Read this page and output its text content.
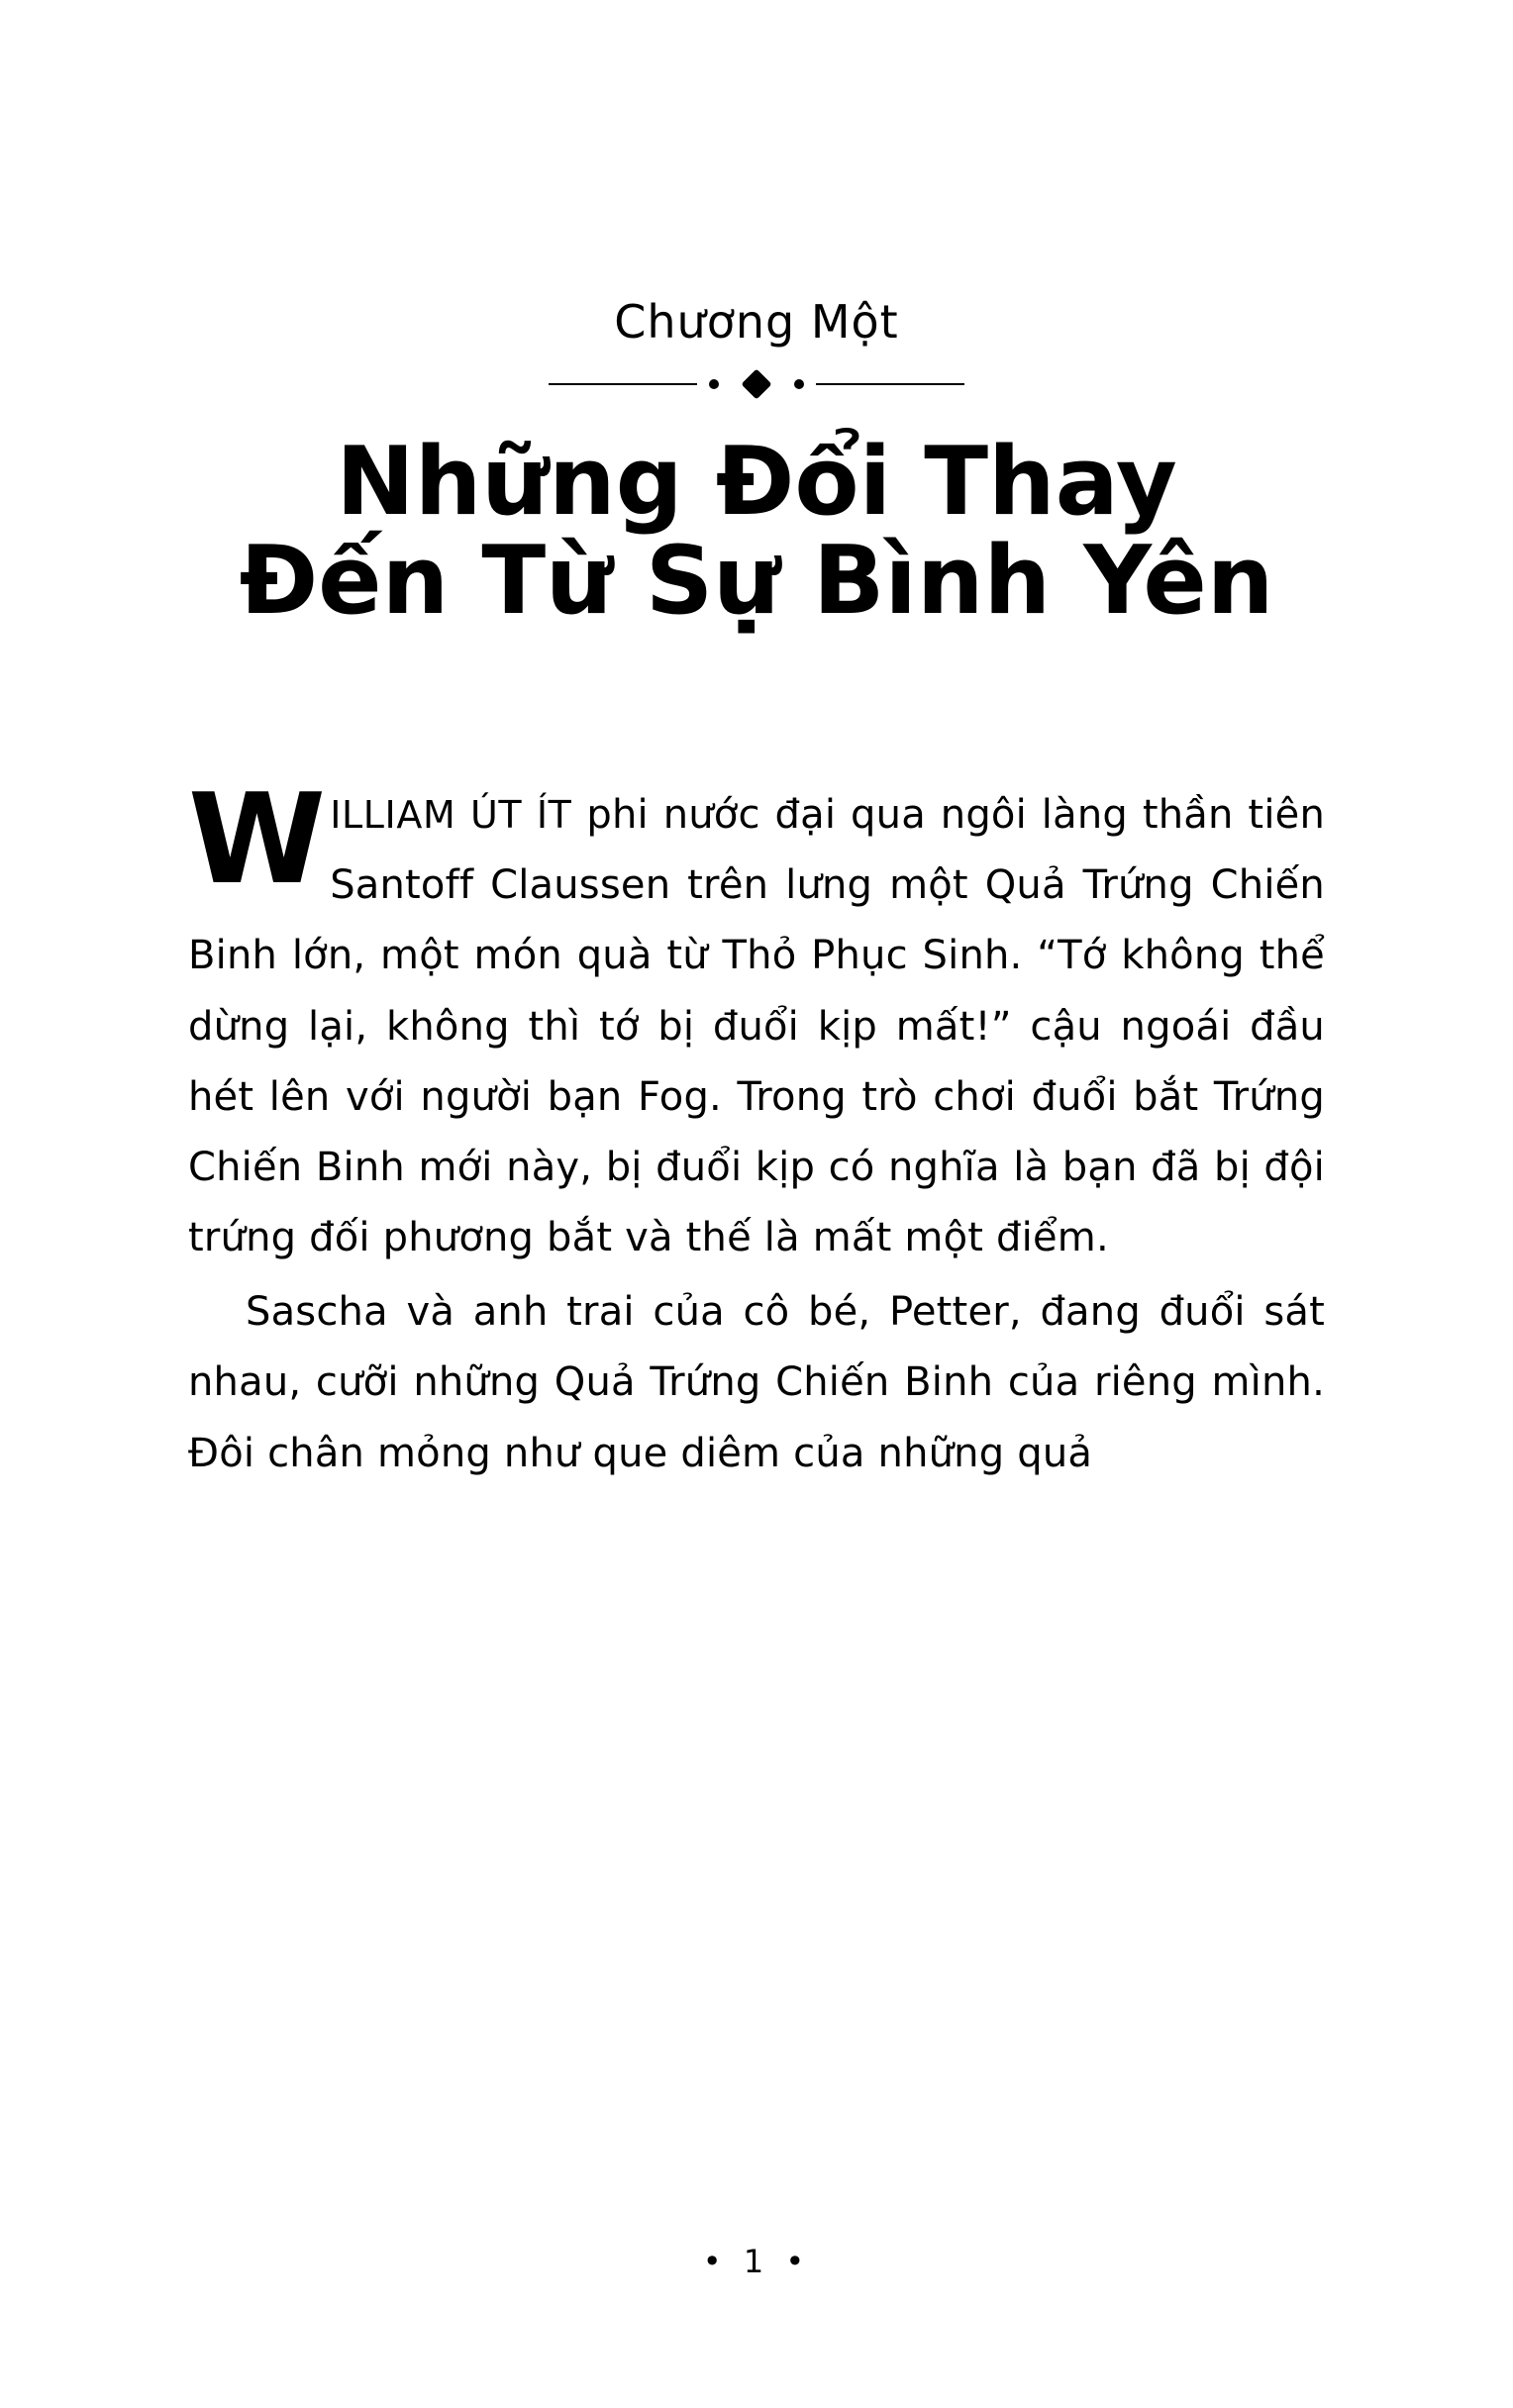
Chương Một
Những Đổi Thay
Đến Từ Sự Bình Yên

WILLIAM ÚT ÍT phi nước đại qua ngôi làng thần tiên Santoff Claussen trên lưng một Quả Trứng Chiến Binh lớn, một món quà từ Thỏ Phục Sinh. “Tớ không thể dừng lại, không thì tớ bị đuổi kịp mất!” cậu ngoái đầu hét lên với người bạn Fog. Trong trò chơi đuổi bắt Trứng Chiến Binh mới này, bị đuổi kịp có nghĩa là bạn đã bị đội trứng đối phương bắt và thế là mất một điểm.

Sascha và anh trai của cô bé, Petter, đang đuổi sát nhau, cưỡi những Quả Trứng Chiến Binh của riêng mình. Đôi chân mỏng như que diêm của những quả

• 1 •
